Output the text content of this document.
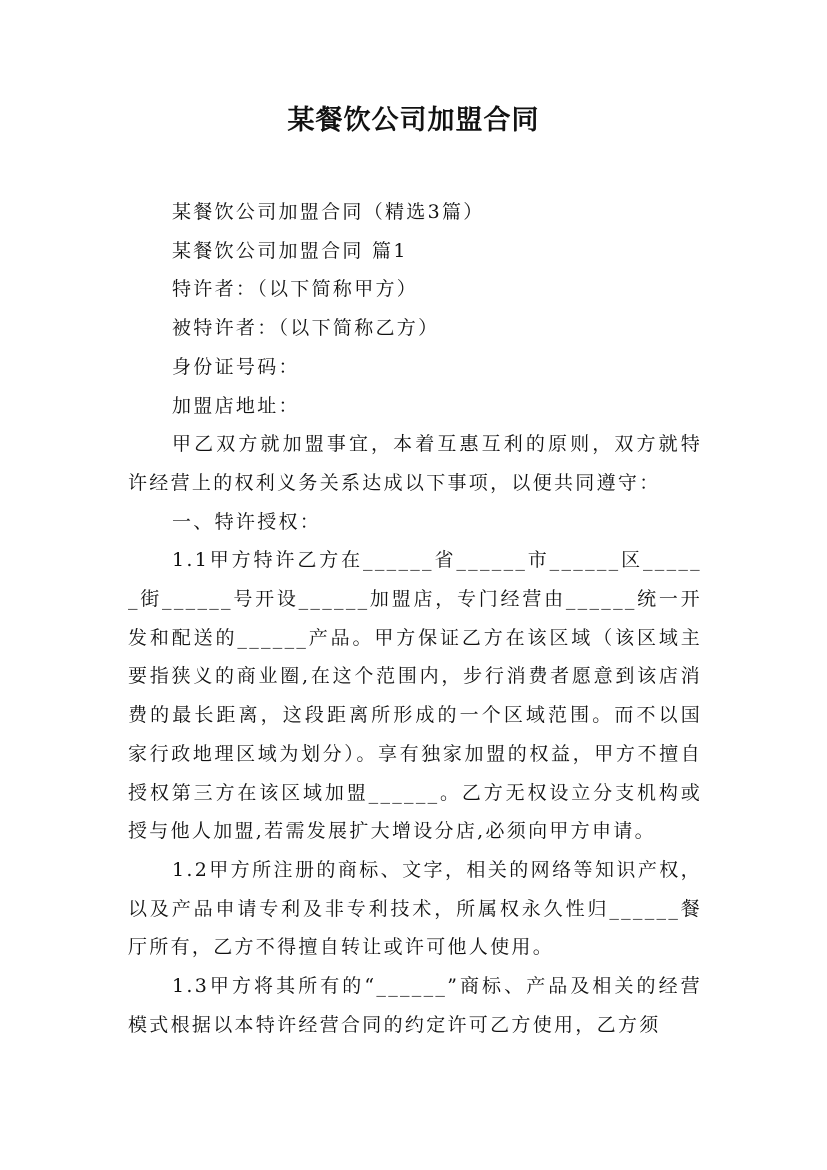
某餐饮公司加盟合同

某餐饮公司加盟合同（精选3篇）

某餐饮公司加盟合同 篇1

特许者：（以下简称甲方）

被特许者：（以下简称乙方）

身份证号码：

加盟店地址：

甲乙双方就加盟事宜，本着互惠互利的原则，双方就特许经营上的权利义务关系达成以下事项，以便共同遵守：

一、特许授权：

1.1甲方特许乙方在______省______市______区______街______号开设______加盟店，专门经营由______统一开发和配送的______产品。甲方保证乙方在该区域（该区域主要指狭义的商业圈,在这个范围内，步行消费者愿意到该店消费的最长距离，这段距离所形成的一个区域范围。而不以国家行政地理区域为划分）。享有独家加盟的权益，甲方不擅自授权第三方在该区域加盟______。乙方无权设立分支机构或授与他人加盟,若需发展扩大增设分店,必须向甲方申请。

1.2甲方所注册的商标、文字，相关的网络等知识产权，以及产品申请专利及非专利技术，所属权永久性归______餐厅所有，乙方不得擅自转让或许可他人使用。

1.3甲方将其所有的“______”商标、产品及相关的经营模式根据以本特许经营合同的约定许可乙方使用，乙方须
